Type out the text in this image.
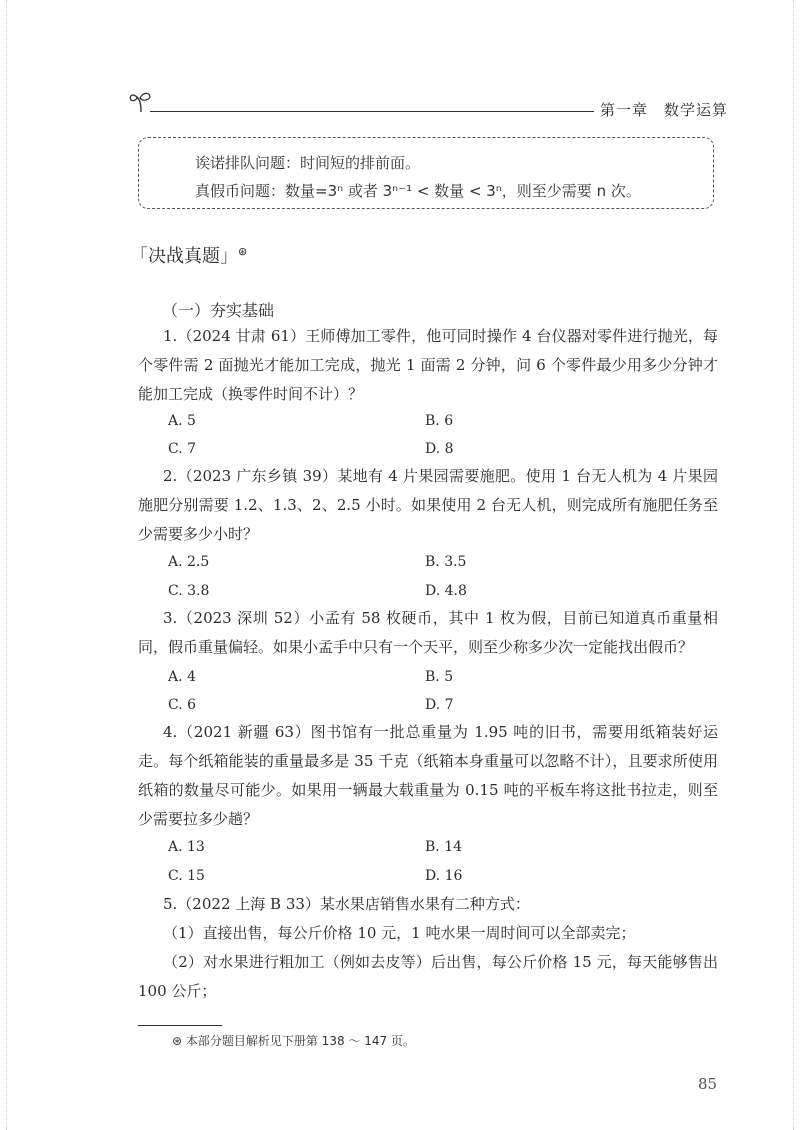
第一章　数学运算
诶诺排队问题：时间短的排前面。
真假币问题：数量=3ⁿ 或者 3ⁿ⁻¹ < 数量 < 3ⁿ，则至少需要 n 次。
「决战真题」⊛
（一）夯实基础
1.（2024 甘肃 61）王师傅加工零件，他可同时操作 4 台仪器对零件进行抛光，每个零件需 2 面抛光才能加工完成，抛光 1 面需 2 分钟，问 6 个零件最少用多少分钟才能加工完成（换零件时间不计）？
A. 5	B. 6
C. 7	D. 8
2.（2023 广东乡镇 39）某地有 4 片果园需要施肥。使用 1 台无人机为 4 片果园施肥分别需要 1.2、1.3、2、2.5 小时。如果使用 2 台无人机，则完成所有施肥任务至少需要多少小时？
A. 2.5	B. 3.5
C. 3.8	D. 4.8
3.（2023 深圳 52）小孟有 58 枚硬币，其中 1 枚为假，目前已知道真币重量相同，假币重量偏轻。如果小孟手中只有一个天平，则至少称多少次一定能找出假币？
A. 4	B. 5
C. 6	D. 7
4.（2021 新疆 63）图书馆有一批总重量为 1.95 吨的旧书，需要用纸箱装好运走。每个纸箱能装的重量最多是 35 千克（纸箱本身重量可以忽略不计），且要求所使用纸箱的数量尽可能少。如果用一辆最大载重量为 0.15 吨的平板车将这批书拉走，则至少需要拉多少趟？
A. 13	B. 14
C. 15	D. 16
5.（2022 上海 B 33）某水果店销售水果有二种方式：
（1）直接出售，每公斤价格 10 元，1 吨水果一周时间可以全部卖完；
（2）对水果进行粗加工（例如去皮等）后出售，每公斤价格 15 元，每天能够售出 100 公斤；
⊛ 本部分题目解析见下册第 138 ～ 147 页。
85
